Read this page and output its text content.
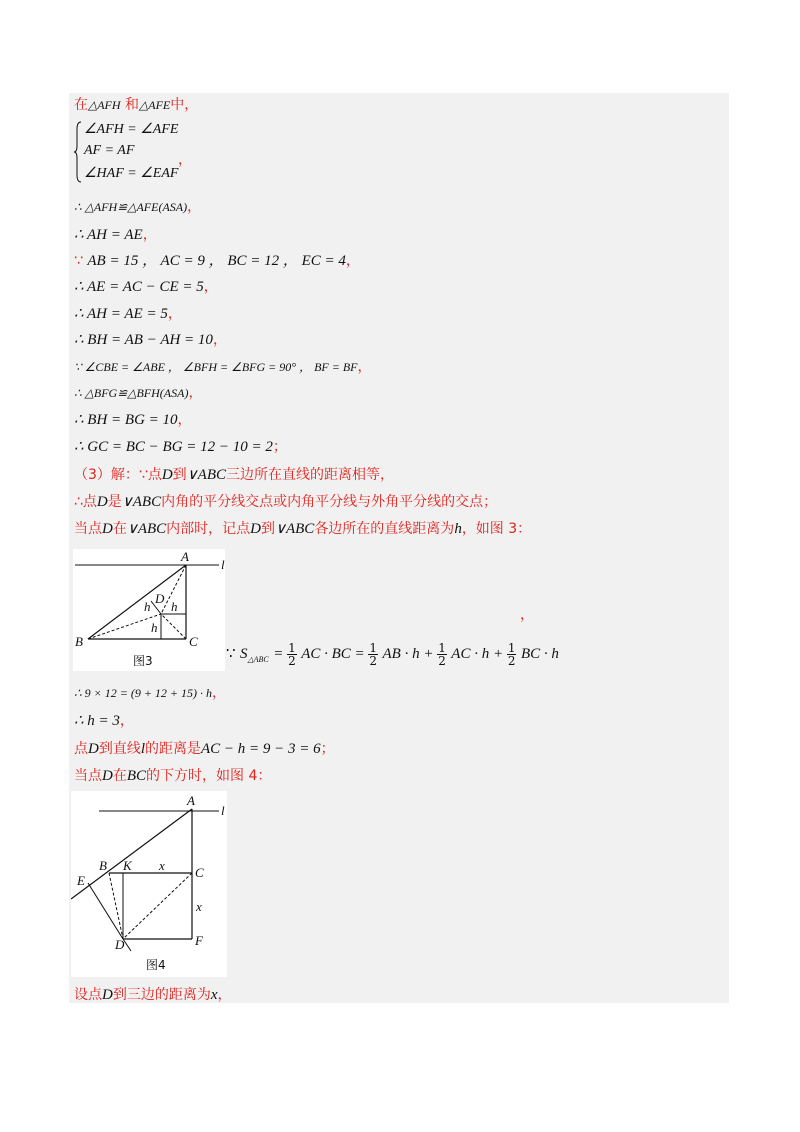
在△AFH 和△AFE中，
∠AFH = ∠AFE
AF = AF
∠HAF = ∠EAF
，
∴ △AFH≌△AFE(ASA)，
∴ AH = AE，
∵ AB = 15 ， AC = 9 ， BC = 12 ， EC = 4，
∴ AE = AC − CE = 5，
∴ AH = AE = 5，
∴ BH = AB − AH = 10，
∵ ∠CBE = ∠ABE ， ∠BFH = ∠BFG = 90° ， BF = BF，
∴ △BFG≌△BFH(ASA)，
∴ BH = BG = 10，
∴ GC = BC − BG = 12 − 10 = 2；
（3）解：∵点D到∨ABC三边所在直线的距离相等，
∴点D是∨ABC内角的平分线交点或内角平分线与外角平分线的交点；
当点D在∨ABC内部时，记点D到∨ABC各边所在的直线距离为h，如图 3：
A
l
B	C
D
h h
h
图3
，
∵ $S_{\triangle ABC} = \frac{1}{2}$ AC · BC = $\frac{1}{2}$ AB · $h + \frac{1}{2}$ AC · $h + \frac{1}{2}$ BC · h
∴ 9 × 12 = (9 + 12 + 15) · h，
∴ h = 3，
点D到直线l的距离是AC − h = 9 − 3 = 6；
当点D在BC的下方时，如图 4：
A
l
B K x C
E
x
D	F
图4
设点D到三边的距离为x，
